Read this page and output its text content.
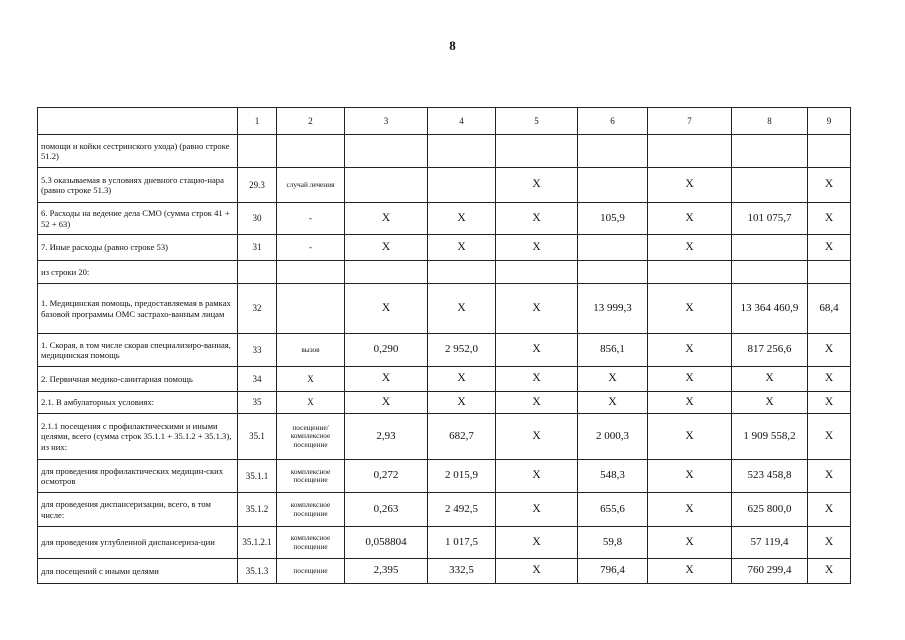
8
	1	2	3	4	5	6	7	8	9
помощи и койки сестринского ухода) (равно строке 51.2)									
5.3 оказываемая в условиях дневного стацио-нара (равно строке 51.3)	29.3	случай лечения			X		X		X
6. Расходы на ведение дела СМО (сумма строк 41 + 52 + 63)	30	-	X	X	X	105,9	X	101 075,7	X
7. Иные расходы (равно строке 53)	31	-	X	X	X		X		X
из строки 20:									
1. Медицинская помощь, предоставляемая в рамках базовой программы ОМС застрахо-ванным лицам	32		X	X	X	13 999,3	X	13 364 460,9	68,4
1. Скорая, в том числе скорая специализиро-ванная, медицинская помощь	33	вызов	0,290	2 952,0	X	856,1	X	817 256,6	X
2. Первичная медико-санитарная помощь	34	X	X	X	X	X	X	X	X
2.1. В амбулаторных условиях:	35	X	X	X	X	X	X	X	X
2.1.1 посещения с профилактическими и иными целями, всего (сумма строк 35.1.1 + 35.1.2 + 35.1.3), из них:	35.1	посещение/ комплексное посещение	2,93	682,7	X	2 000,3	X	1 909 558,2	X
для проведения профилактических медицин-ских осмотров	35.1.1	комплексное посещение	0,272	2 015,9	X	548,3	X	523 458,8	X
для проведения диспансеризации, всего, в том числе:	35.1.2	комплексное посещение	0,263	2 492,5	X	655,6	X	625 800,0	X
для проведения углубленной диспансериза-ции	35.1.2.1	комплексное посещение	0,058804	1 017,5	X	59,8	X	57 119,4	X
для посещений с иными целями	35.1.3	посещение	2,395	332,5	X	796,4	X	760 299,4	X
